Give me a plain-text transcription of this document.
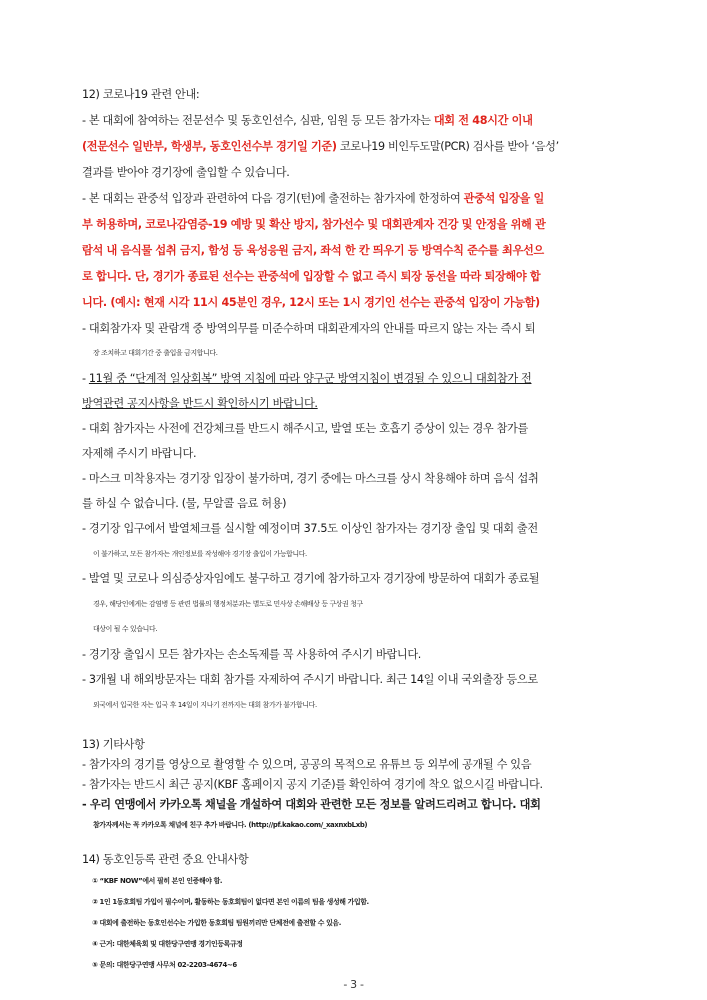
12) 코로나19 관련 안내:
- 본 대회에 참여하는 전문선수 및 동호인선수, 심판, 임원 등 모든 참가자는 대회 전 48시간 이내
(전문선수 일반부, 학생부, 동호인선수부 경기일 기준) 코로나19 비인두도말(PCR) 검사를 받아 ‘음성’
결과를 받아야 경기장에 출입할 수 있습니다.
- 본 대회는 관중석 입장과 관련하여 다음 경기(턴)에 출전하는 참가자에 한정하여 관중석 입장을 일
부 허용하며, 코로나감염증-19 예방 및 확산 방지, 참가선수 및 대회관계자 건강 및 안정을 위해 관
람석 내 음식물 섭취 금지, 함성 등 육성응원 금지, 좌석 한 칸 띄우기 등 방역수칙 준수를 최우선으
로 합니다. 단, 경기가 종료된 선수는 관중석에 입장할 수 없고 즉시 퇴장 동선을 따라 퇴장해야 합
니다. (예시: 현재 시각 11시 45분인 경우, 12시 또는 1시 경기인 선수는 관중석 입장이 가능함)
- 대회참가자 및 관람객 중 방역의무를 미준수하며 대회관계자의 안내를 따르지 않는 자는 즉시 퇴
장 조치하고 대회기간 중 출입을 금지합니다.
- 11월 중 “단계적 일상회복” 방역 지침에 따라 양구군 방역지침이 변경될 수 있으니 대회참가 전
방역관련 공지사항을 반드시 확인하시기 바랍니다.
- 대회 참가자는 사전에 건강체크를 반드시 해주시고, 발열 또는 호흡기 증상이 있는 경우 참가를
자제해 주시기 바랍니다.
- 마스크 미착용자는 경기장 입장이 불가하며, 경기 중에는 마스크를 상시 착용해야 하며 음식 섭취
를 하실 수 없습니다. (물, 무알콜 음료 허용)
- 경기장 입구에서 발열체크를 실시할 예정이며 37.5도 이상인 참가자는 경기장 출입 및 대회 출전
이 불가하고, 모든 참가자는 개인정보를 작성해야 경기장 출입이 가능합니다.
- 발열 및 코로나 의심증상자임에도 불구하고 경기에 참가하고자 경기장에 방문하여 대회가 종료될
경우, 해당인에게는 감염병 등 관련 법률의 행정처분과는 별도로 민사상 손해배상 등 구상권 청구
대상이 될 수 있습니다.
- 경기장 출입시 모든 참가자는 손소독제를 꼭 사용하여 주시기 바랍니다.
- 3개월 내 해외방문자는 대회 참가를 자제하여 주시기 바랍니다. 최근 14일 이내 국외출장 등으로
외국에서 입국한 자는 입국 후 14일이 지나기 전까지는 대회 참가가 불가합니다.
13) 기타사항
- 참가자의 경기를 영상으로 촬영할 수 있으며, 공공의 목적으로 유튜브 등 외부에 공개될 수 있음
- 참가자는 반드시 최근 공지(KBF 홈페이지 공지 기준)를 확인하여 경기에 착오 없으시길 바랍니다.
- 우리 연맹에서 카카오톡 채널을 개설하여 대회와 관련한 모든 정보를 알려드리려고 합니다. 대회
참가자께서는 꼭 카카오톡 채널에 친구 추가 바랍니다. (http://pf.kakao.com/_xaxnxbLxb)
14) 동호인등록 관련 중요 안내사항
① “KBF NOW”에서 필히 본인 인증해야 함.
② 1인 1동호회팀 가입이 필수이며, 활동하는 동호회팀이 없다면 본인 이름의 팀을 생성해 가입함.
③ 대회에 출전하는 동호인선수는 가입한 동호회팀 팀원끼리만 단체전에 출전할 수 있음.
④ 근거: 대한체육회 및 대한당구연맹 경기인등록규정
⑤ 문의: 대한당구연맹 사무처 02-2203-4674~6
- 3 -
